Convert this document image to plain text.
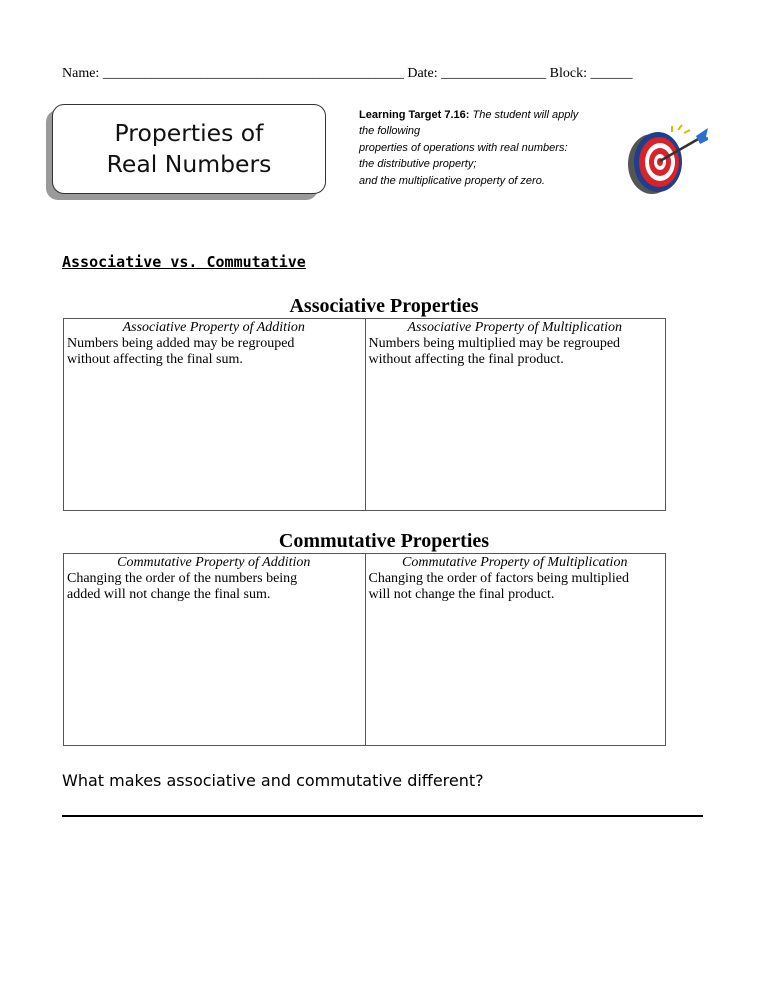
Name: ___________________________________________ Date: _______________ Block: ______
Properties of
Real Numbers
Learning Target 7.16: The student will apply
the following
properties of operations with real numbers:
the distributive property;
and the multiplicative property of zero.
Associative vs. Commutative
Associative Properties
Associative Property of Addition
Numbers being added may be regrouped
without affecting the final sum.
Associative Property of Multiplication
Numbers being multiplied may be regrouped
without affecting the final product.
Commutative Properties
Commutative Property of Addition
Changing the order of the numbers being
added will not change the final sum.
Commutative Property of Multiplication
Changing the order of factors being multiplied
will not change the final product.
What makes associative and commutative different?
